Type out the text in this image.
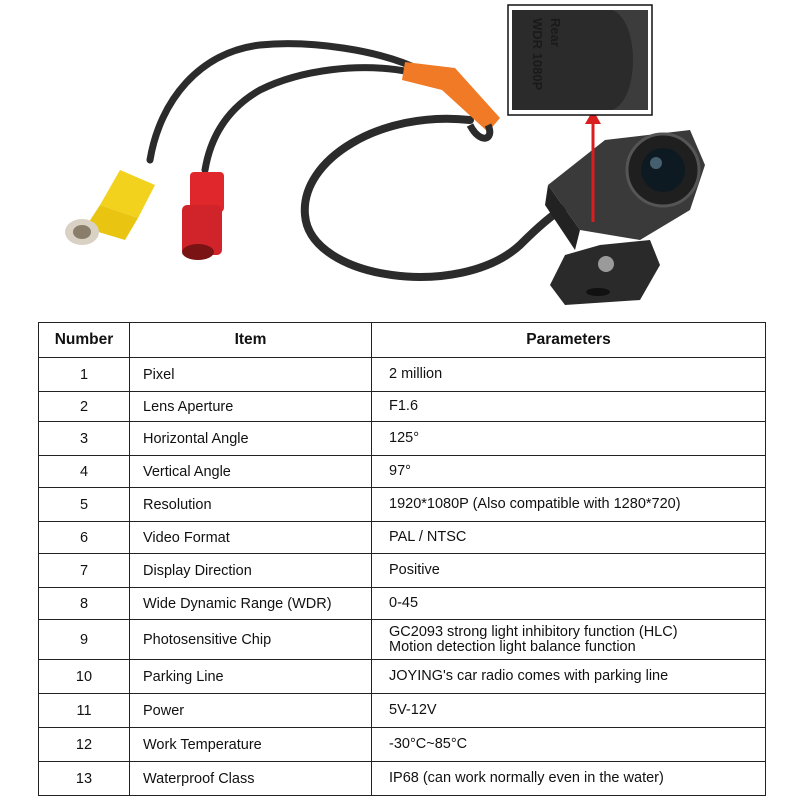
Rear
WDR 1080P
Number	Item	Parameters
1	Pixel	2 million

2	Lens Aperture	F1.6

3	Horizontal Angle	125°

4	Vertical Angle	97°

5	Resolution	1920*1080P (Also compatible with 1280*720)

6	Video Format	PAL / NTSC

7	Display Direction	Positive

8	Wide Dynamic Range (WDR)	0-45

9	Photosensitive Chip	GC2093 strong light inhibitory function (HLC)
Motion detection light balance function

10	Parking Line	JOYING's car radio comes with parking line

11	Power	5V-12V

12	Work Temperature	-30°C~85°C

13	Waterproof Class	IP68 (can work normally even in the water)
